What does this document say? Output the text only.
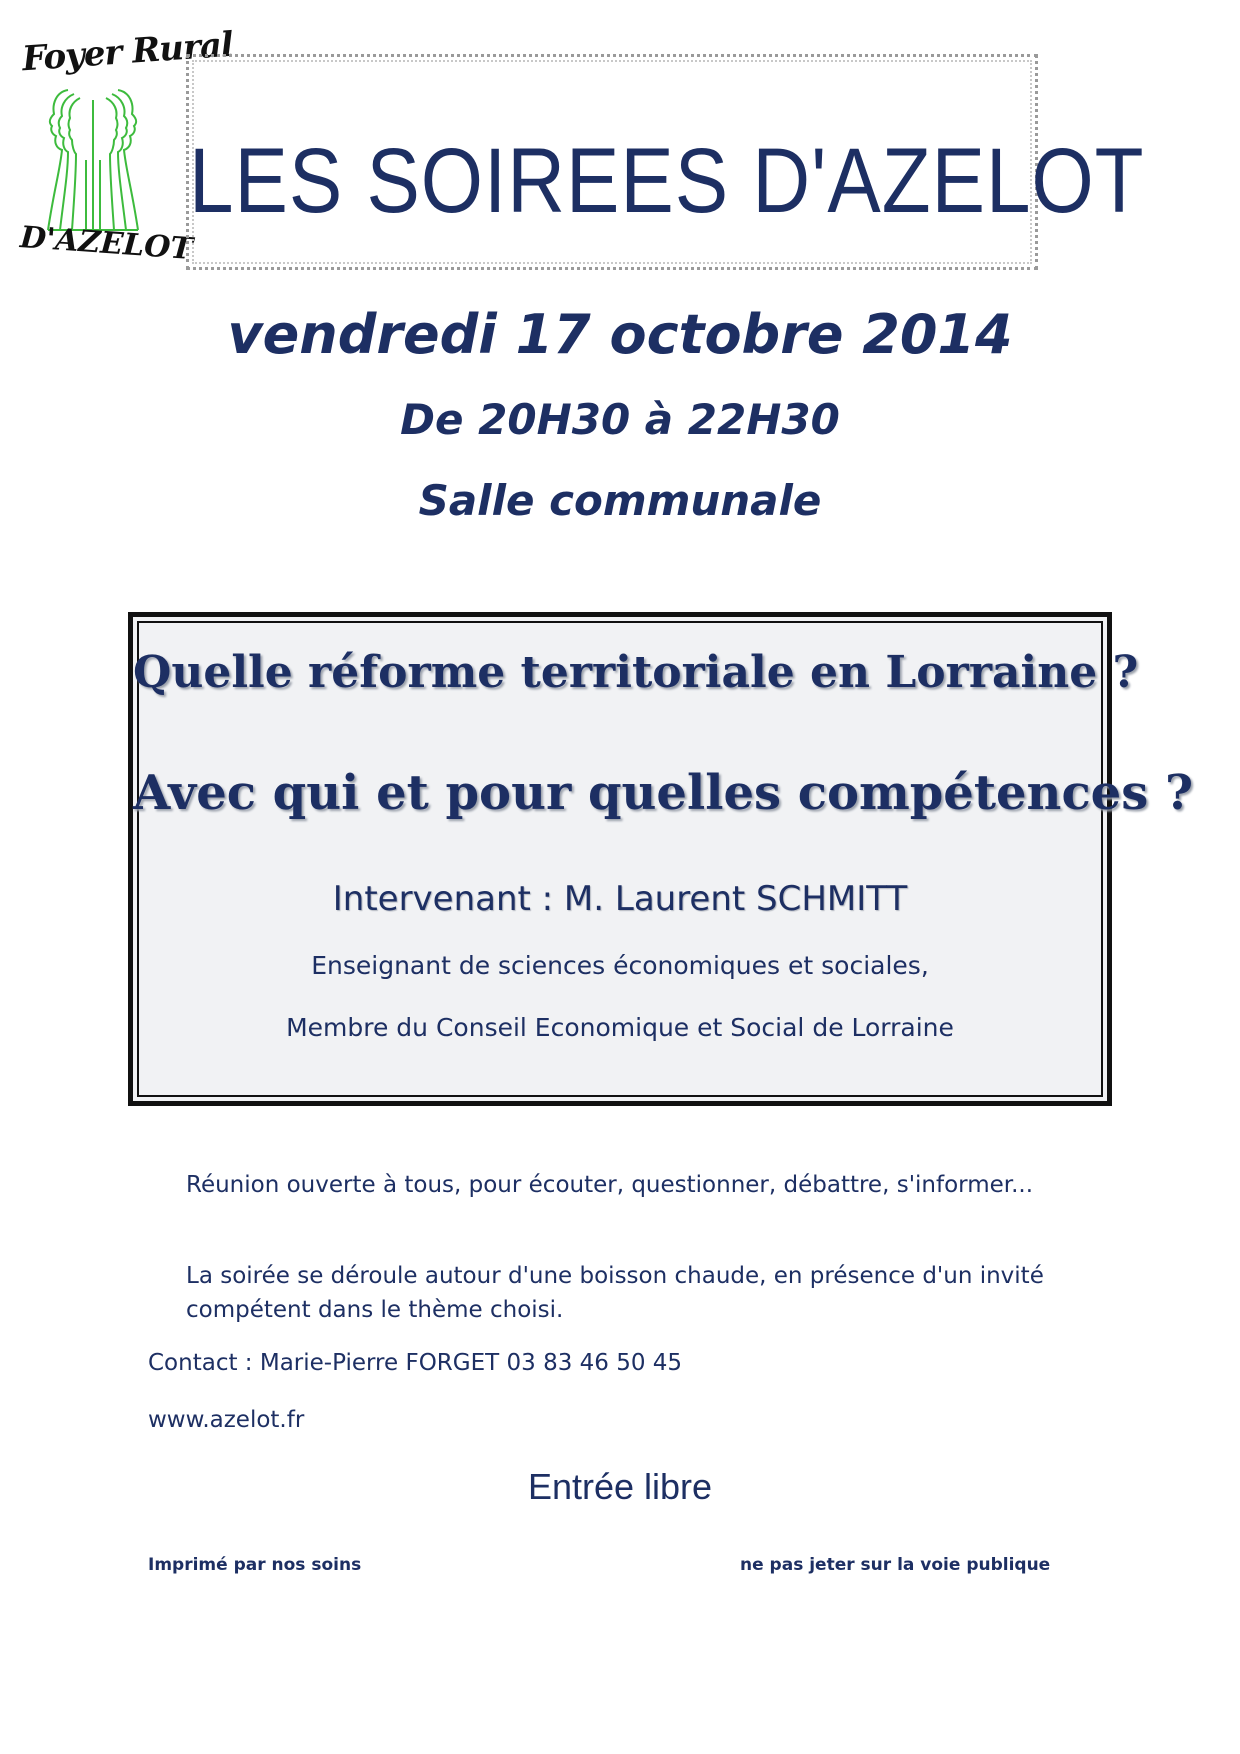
Foyer Rural
D'AZELOT
LES SOIREES D'AZELOT
vendredi 17 octobre 2014
De 20H30 à 22H30
Salle communale
Quelle réforme territoriale en Lorraine ?
Avec qui et pour quelles compétences ?
Intervenant : M. Laurent SCHMITT
Enseignant de sciences économiques et sociales,
Membre du Conseil Economique et Social de Lorraine
Réunion ouverte à tous, pour écouter, questionner, débattre, s'informer...
La soirée se déroule autour d'une boisson chaude, en présence d'un invité compétent dans le thème choisi.
Contact : Marie-Pierre FORGET 03 83 46 50 45
www.azelot.fr
Entrée libre
Imprimé par nos soins	ne pas jeter sur la voie publique
